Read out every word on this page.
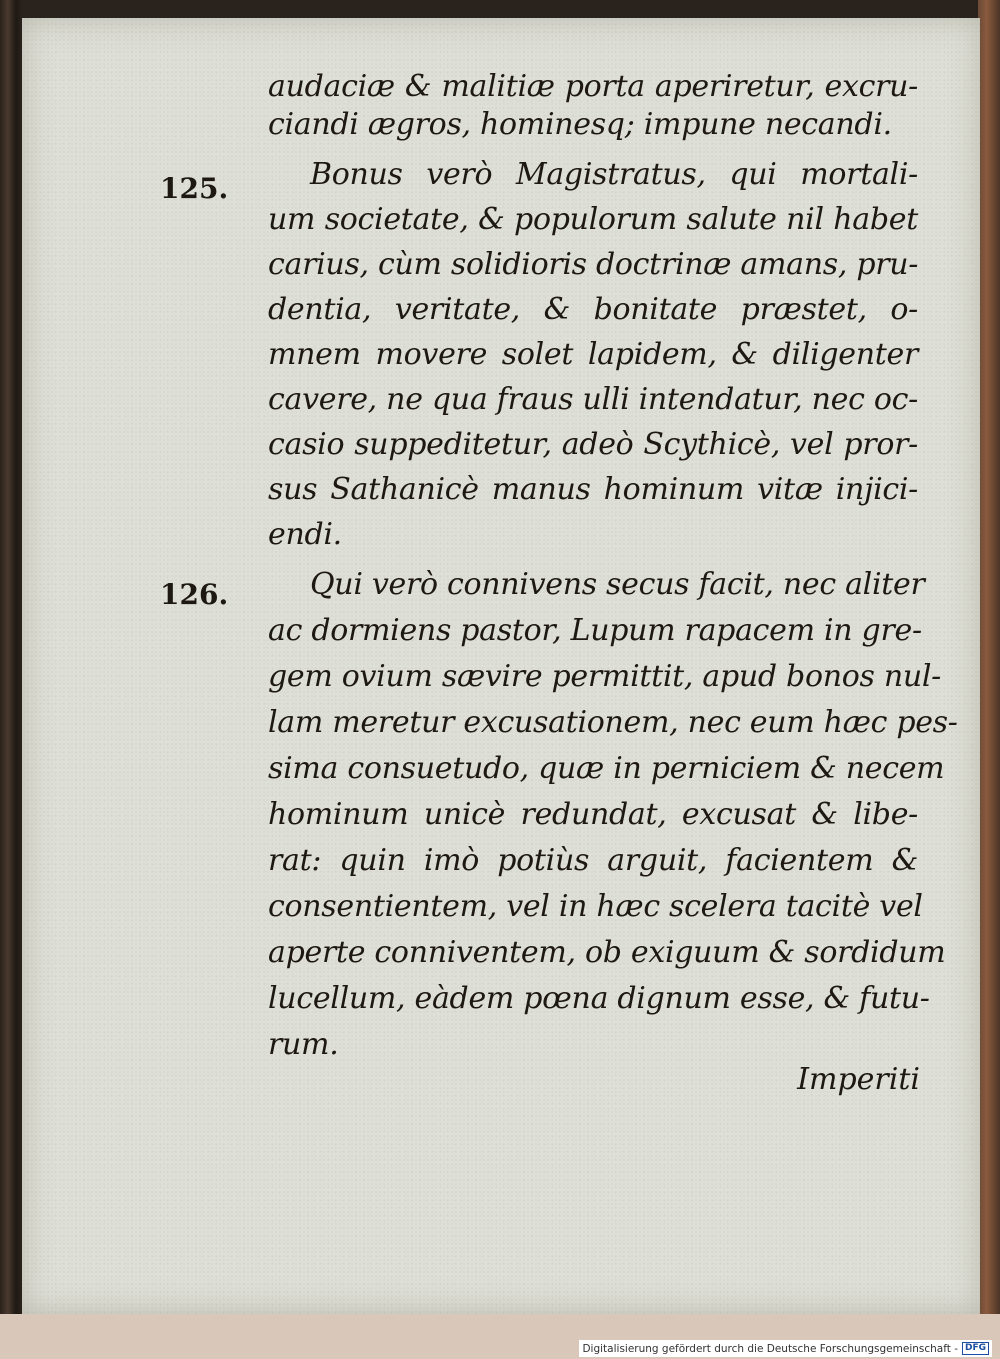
audaciæ & malitiæ porta aperiretur, excru-
ciandi ægros, hominesq; impune necandi.
125.	Bonus verò Magistratus, qui mortali-
um societate, & populorum salute nil habet
carius, cùm solidioris doctrinæ amans, pru-
dentia, veritate, & bonitate præstet, o-
mnem movere solet lapidem, & diligenter
cavere, ne qua fraus ulli intendatur, nec oc-
casio suppeditetur, adeò Scythicè, vel pror-
sus Sathanicè manus hominum vitæ injici-
endi.
126.	Qui verò connivens secus facit, nec aliter
ac dormiens pastor, Lupum rapacem in gre-
gem ovium sævire permittit, apud bonos nul-
lam meretur excusationem, nec eum hæc pes-
sima consuetudo, quæ in perniciem & necem
hominum unicè redundat, excusat & libe-
rat: quin imò potiùs arguit, facientem &
consentientem, vel in hæc scelera tacitè vel
aperte conniventem, ob exiguum & sordidum
lucellum, eàdem pœna dignum esse, & futu-
rum.
Imperiti
Digitalisierung gefördert durch die Deutsche Forschungsgemeinschaft - DFG
